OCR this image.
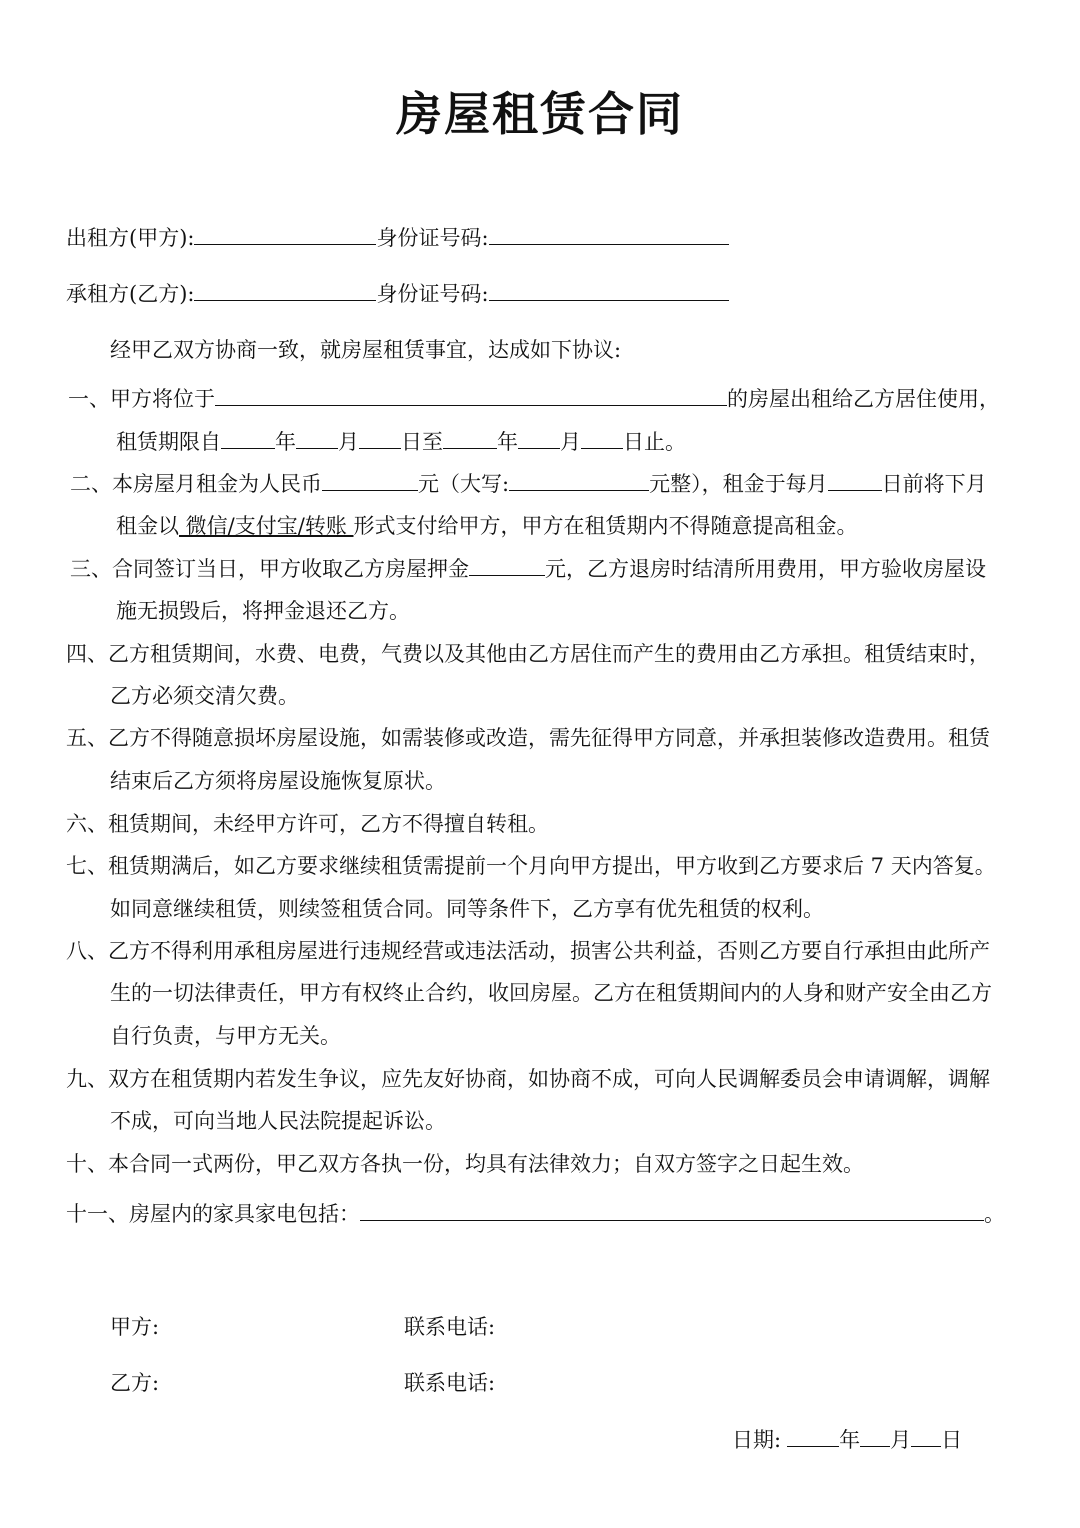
房屋租赁合同
出租方(甲方):	身份证号码:
承租方(乙方):	身份证号码:
经甲乙双方协商一致，就房屋租赁事宜，达成如下协议:
一、甲方将位于	的房屋出租给乙方居住使用，
租赁期限自	年 月 日至	年 月 日止。
二、本房屋月租金为人民币	元（大写:	元整），租金于每月	日前将下月
租金以 微信/支付宝/转账 形式支付给甲方，甲方在租赁期内不得随意提高租金。
三、合同签订当日，甲方收取乙方房屋押金	元，乙方退房时结清所用费用，甲方验收房屋设
施无损毁后，将押金退还乙方。
四、乙方租赁期间，水费、电费，气费以及其他由乙方居住而产生的费用由乙方承担。租赁结束时，
乙方必须交清欠费。
五、乙方不得随意损坏房屋设施，如需装修或改造，需先征得甲方同意，并承担装修改造费用。租赁
结束后乙方须将房屋设施恢复原状。
六、租赁期间，未经甲方许可，乙方不得擅自转租。
七、租赁期满后，如乙方要求继续租赁需提前一个月向甲方提出，甲方收到乙方要求后 7 天内答复。
如同意继续租赁，则续签租赁合同。同等条件下，乙方享有优先租赁的权利。
八、乙方不得利用承租房屋进行违规经营或违法活动，损害公共利益，否则乙方要自行承担由此所产
生的一切法律责任，甲方有权终止合约，收回房屋。乙方在租赁期间内的人身和财产安全由乙方
自行负责，与甲方无关。
九、双方在租赁期内若发生争议，应先友好协商，如协商不成，可向人民调解委员会申请调解，调解
不成，可向当地人民法院提起诉讼。
十、本合同一式两份，甲乙双方各执一份，均具有法律效力；自双方签字之日起生效。
十一、房屋内的家具家电包括：	。
甲方:	联系电话:
乙方:	联系电话:
日期:	年 月 日
